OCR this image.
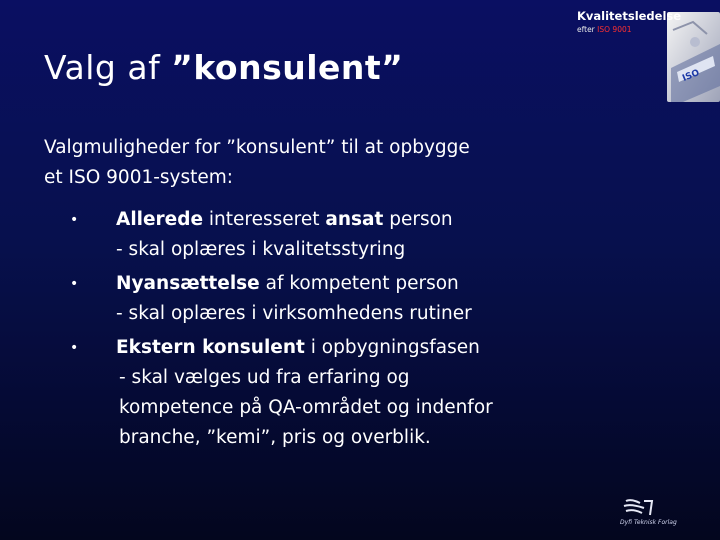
Valg af ”konsulent”
Valgmuligheder for ”konsulent” til at opbygge
et ISO 9001-system:
• Allerede interesseret ansat person
- skal oplæres i kvalitetsstyring
• Nyansættelse af kompetent person
- skal oplæres i virksomhedens rutiner
• Ekstern konsulent i opbygningsfasen
- skal vælges ud fra erfaring og
kompetence på QA-området og indenfor
branche, ”kemi”, pris og overblik.
ISO
Kvalitetsledelse
efter ISO 9001
Dyfi Teknisk Forlag
